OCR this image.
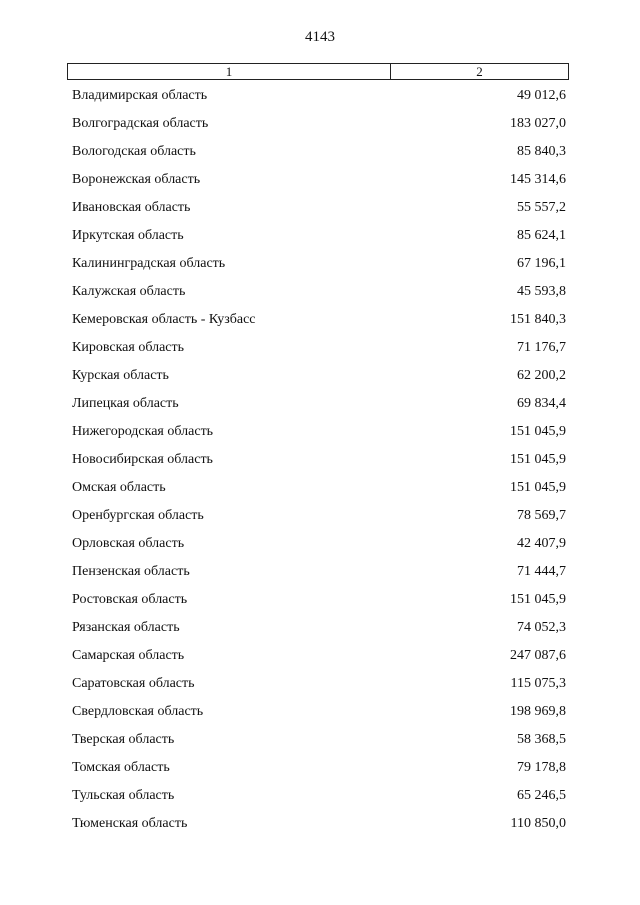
4143
1	2
Владимирская область	49 012,6
Волгоградская область	183 027,0
Вологодская область	85 840,3
Воронежская область	145 314,6
Ивановская область	55 557,2
Иркутская область	85 624,1
Калининградская область	67 196,1
Калужская область	45 593,8
Кемеровская область - Кузбасс	151 840,3
Кировская область	71 176,7
Курская область	62 200,2
Липецкая область	69 834,4
Нижегородская область	151 045,9
Новосибирская область	151 045,9
Омская область	151 045,9
Оренбургская область	78 569,7
Орловская область	42 407,9
Пензенская область	71 444,7
Ростовская область	151 045,9
Рязанская область	74 052,3
Самарская область	247 087,6
Саратовская область	115 075,3
Свердловская область	198 969,8
Тверская область	58 368,5
Томская область	79 178,8
Тульская область	65 246,5
Тюменская область	110 850,0
